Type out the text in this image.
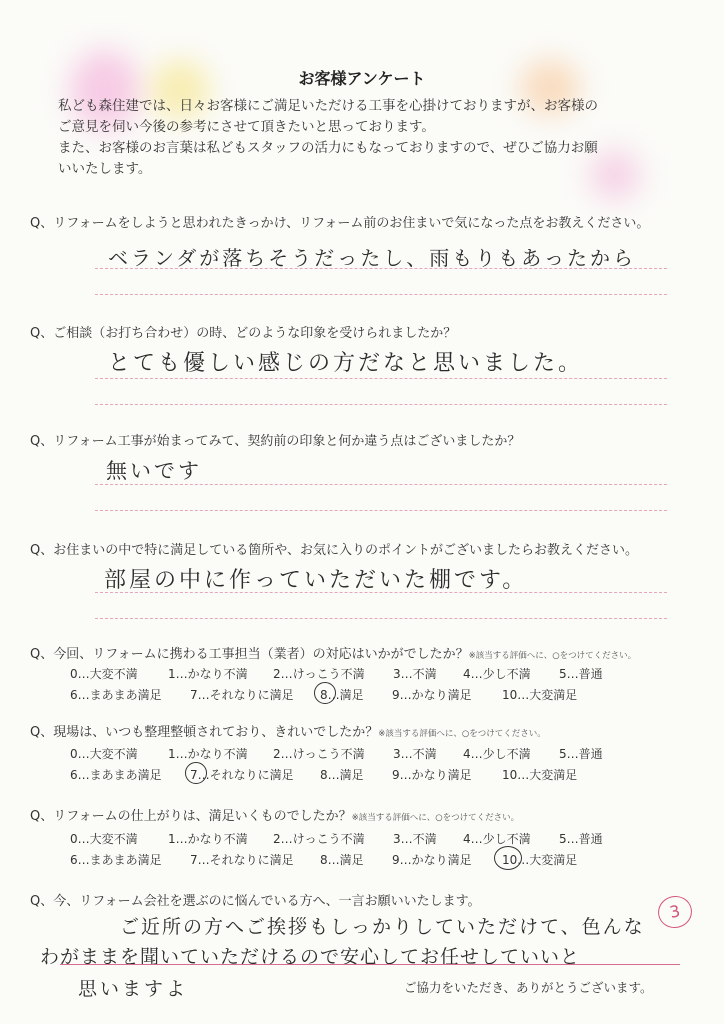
お客様アンケート
私ども森住建では、日々お客様にご満足いただける工事を心掛けておりますが、お客様の
ご意見を伺い今後の参考にさせて頂きたいと思っております。
また、お客様のお言葉は私どもスタッフの活力にもなっておりますので、ぜひご協力お願
いいたします。
Q、リフォームをしようと思われたきっかけ、リフォーム前のお住まいで気になった点をお教えください。
ベランダが落ちそうだったし、雨もりもあったから
Q、ご相談（お打ち合わせ）の時、どのような印象を受けられましたか？
とても優しい感じの方だなと思いました。
Q、リフォーム工事が始まってみて、契約前の印象と何か違う点はございましたか？
無いです
Q、お住まいの中で特に満足している箇所や、お気に入りのポイントがございましたらお教えください。
部屋の中に作っていただいた棚です。
Q、今回、リフォームに携わる工事担当（業者）の対応はいかがでしたか？※該当する評価へに、○をつけてください。
0…大変不満	1…かなり不満 2…けっこう不満 3…不満 4…少し不満 5…普通
6…まあまあ満足 7…それなりに満足 8…満足 9…かなり満足	10…大変満足
Q、現場は、いつも整理整頓されており、きれいでしたか？※該当する評価へに、○をつけてください。
0…大変不満	1…かなり不満 2…けっこう不満 3…不満 4…少し不満 5…普通
6…まあまあ満足 7…それなりに満足 8…満足 9…かなり満足	10…大変満足
Q、リフォームの仕上がりは、満足いくものでしたか？※該当する評価へに、○をつけてください。
0…大変不満	1…かなり不満 2…けっこう不満 3…不満 4…少し不満 5…普通
6…まあまあ満足 7…それなりに満足 8…満足 9…かなり満足	10…大変満足
Q、今、リフォーム会社を選ぶのに悩んでいる方へ、一言お願いいたします。	3
ご近所の方へご挨拶もしっかりしていただけて、色んな
わがままを聞いていただけるので安心してお任せしていいと
思いますよ	ご協力をいただき、ありがとうございます。
